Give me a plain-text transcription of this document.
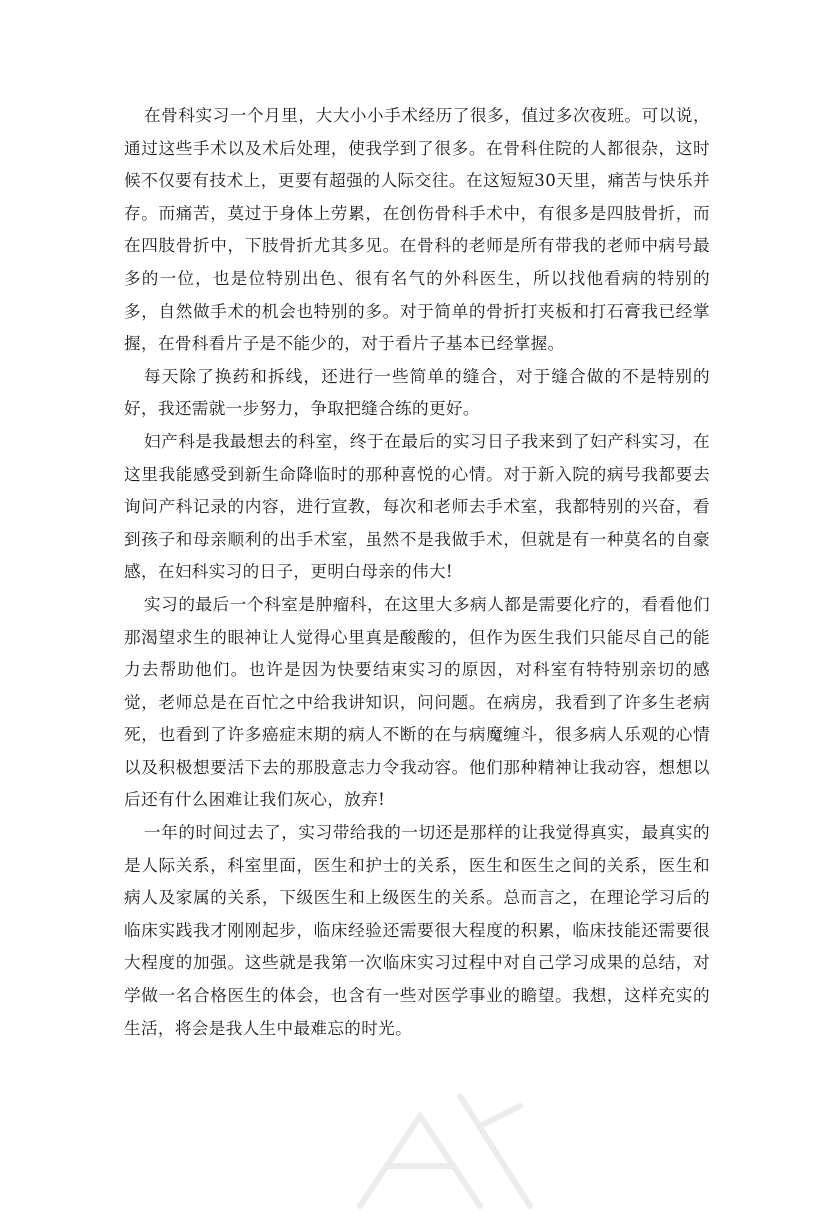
在骨科实习一个月里，大大小小手术经历了很多，值过多次夜班。可以说，通过这些手术以及术后处理，使我学到了很多。在骨科住院的人都很杂，这时候不仅要有技术上，更要有超强的人际交往。在这短短30天里，痛苦与快乐并存。而痛苦，莫过于身体上劳累，在创伤骨科手术中，有很多是四肢骨折，而在四肢骨折中，下肢骨折尤其多见。在骨科的老师是所有带我的老师中病号最多的一位，也是位特别出色、很有名气的外科医生，所以找他看病的特别的多，自然做手术的机会也特别的多。对于简单的骨折打夹板和打石膏我已经掌握，在骨科看片子是不能少的，对于看片子基本已经掌握。

每天除了换药和拆线，还进行一些简单的缝合，对于缝合做的不是特别的好，我还需就一步努力，争取把缝合练的更好。

妇产科是我最想去的科室，终于在最后的实习日子我来到了妇产科实习，在这里我能感受到新生命降临时的那种喜悦的心情。对于新入院的病号我都要去询问产科记录的内容，进行宣教，每次和老师去手术室，我都特别的兴奋，看到孩子和母亲顺利的出手术室，虽然不是我做手术，但就是有一种莫名的自豪感，在妇科实习的日子，更明白母亲的伟大!

实习的最后一个科室是肿瘤科，在这里大多病人都是需要化疗的，看看他们那渴望求生的眼神让人觉得心里真是酸酸的，但作为医生我们只能尽自己的能力去帮助他们。也许是因为快要结束实习的原因，对科室有特特别亲切的感觉，老师总是在百忙之中给我讲知识，问问题。在病房，我看到了许多生老病死，也看到了许多癌症末期的病人不断的在与病魔缠斗，很多病人乐观的心情以及积极想要活下去的那股意志力令我动容。他们那种精神让我动容，想想以后还有什么困难让我们灰心，放弃!

一年的时间过去了，实习带给我的一切还是那样的让我觉得真实，最真实的是人际关系，科室里面，医生和护士的关系，医生和医生之间的关系，医生和病人及家属的关系，下级医生和上级医生的关系。总而言之，在理论学习后的临床实践我才刚刚起步，临床经验还需要很大程度的积累，临床技能还需要很大程度的加强。这些就是我第一次临床实习过程中对自己学习成果的总结，对学做一名合格医生的体会，也含有一些对医学事业的瞻望。我想，这样充实的生活，将会是我人生中最难忘的时光。
